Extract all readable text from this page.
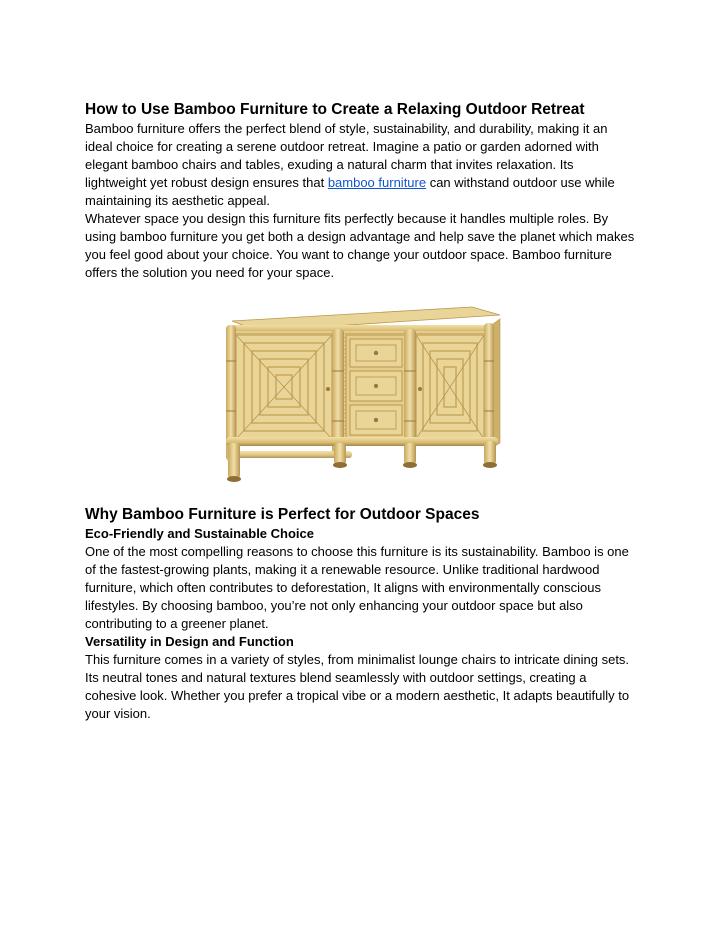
How to Use Bamboo Furniture to Create a Relaxing Outdoor Retreat

Bamboo furniture offers the perfect blend of style, sustainability, and durability, making it an ideal choice for creating a serene outdoor retreat. Imagine a patio or garden adorned with elegant bamboo chairs and tables, exuding a natural charm that invites relaxation. Its lightweight yet robust design ensures that bamboo furniture can withstand outdoor use while maintaining its aesthetic appeal.

Whatever space you design this furniture fits perfectly because it handles multiple roles. By using bamboo furniture you get both a design advantage and help save the planet which makes you feel good about your choice. You want to change your outdoor space. Bamboo furniture offers the solution you need for your space.

Why Bamboo Furniture is Perfect for Outdoor Spaces
Eco-Friendly and Sustainable Choice

One of the most compelling reasons to choose this furniture is its sustainability. Bamboo is one of the fastest-growing plants, making it a renewable resource. Unlike traditional hardwood furniture, which often contributes to deforestation, It aligns with environmentally conscious lifestyles. By choosing bamboo, you’re not only enhancing your outdoor space but also contributing to a greener planet.

Versatility in Design and Function

This furniture comes in a variety of styles, from minimalist lounge chairs to intricate dining sets. Its neutral tones and natural textures blend seamlessly with outdoor settings, creating a cohesive look. Whether you prefer a tropical vibe or a modern aesthetic, It adapts beautifully to your vision.
